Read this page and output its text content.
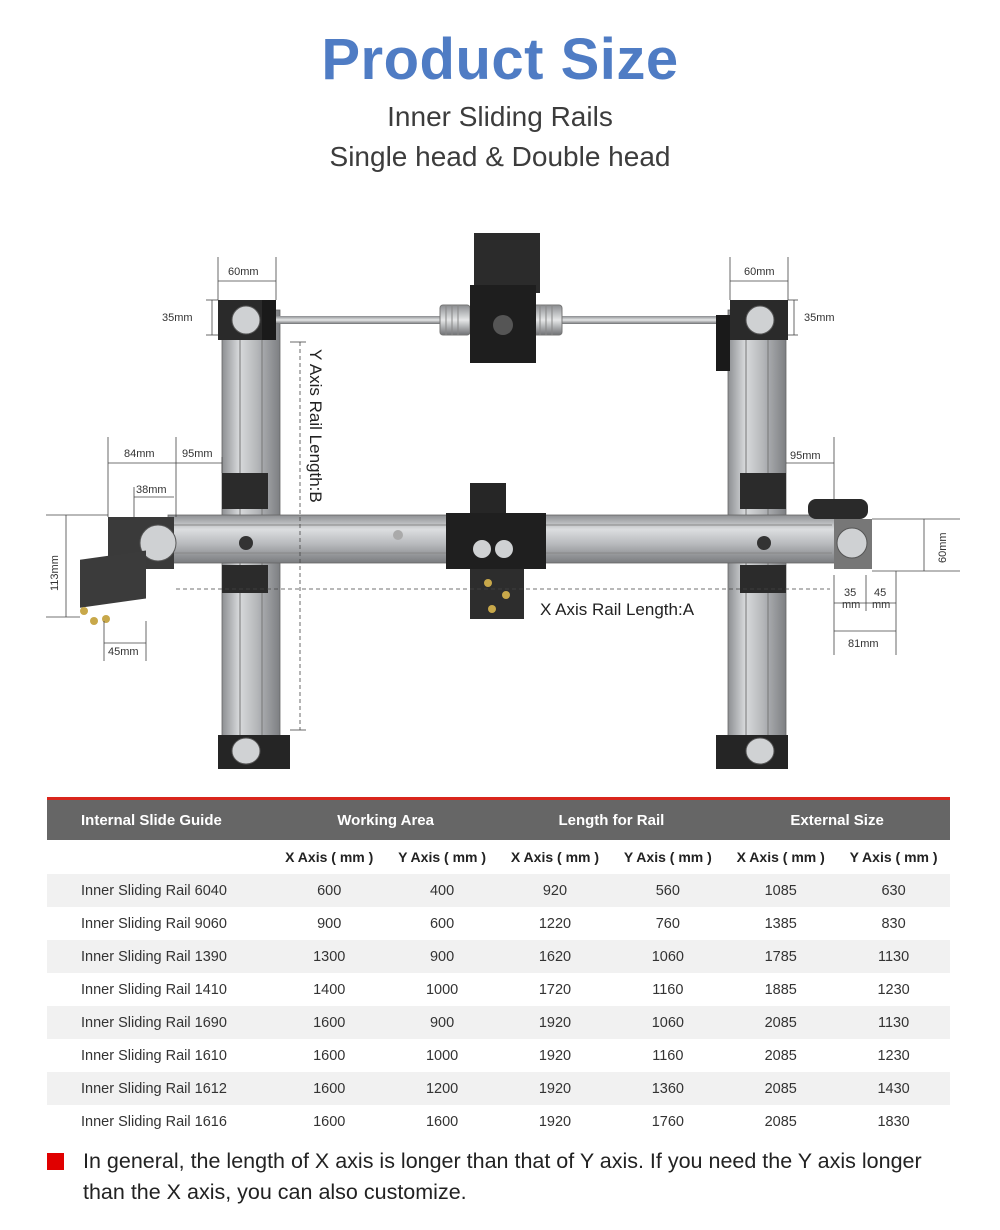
Product Size
Inner Sliding Rails
Single head & Double head
60mm	60mm
35mm	35mm
84mm 95mm	95mm
38mm
113mm
45mm
60mm
35
mm
45
mm
81mm
Y Axis Rail Length:B
X Axis Rail Length:A
Internal Slide Guide	Working Area	Length for Rail	External Size
X Axis ( mm )	Y Axis ( mm )	X Axis ( mm )	Y Axis ( mm )	X Axis ( mm )	Y Axis ( mm )
Inner Sliding Rail 6040	600	400	920	560	1085	630
Inner Sliding Rail 9060	900	600	1220	760	1385	830
Inner Sliding Rail 1390	1300	900	1620	1060	1785	1130
Inner Sliding Rail 1410	1400	1000	1720	1160	1885	1230
Inner Sliding Rail 1690	1600	900	1920	1060	2085	1130
Inner Sliding Rail 1610	1600	1000	1920	1160	2085	1230
Inner Sliding Rail 1612	1600	1200	1920	1360	2085	1430
Inner Sliding Rail 1616	1600	1600	1920	1760	2085	1830
In general, the length of X axis is longer than that of Y axis. If you need the Y axis longer than the X axis, you can also customize.
